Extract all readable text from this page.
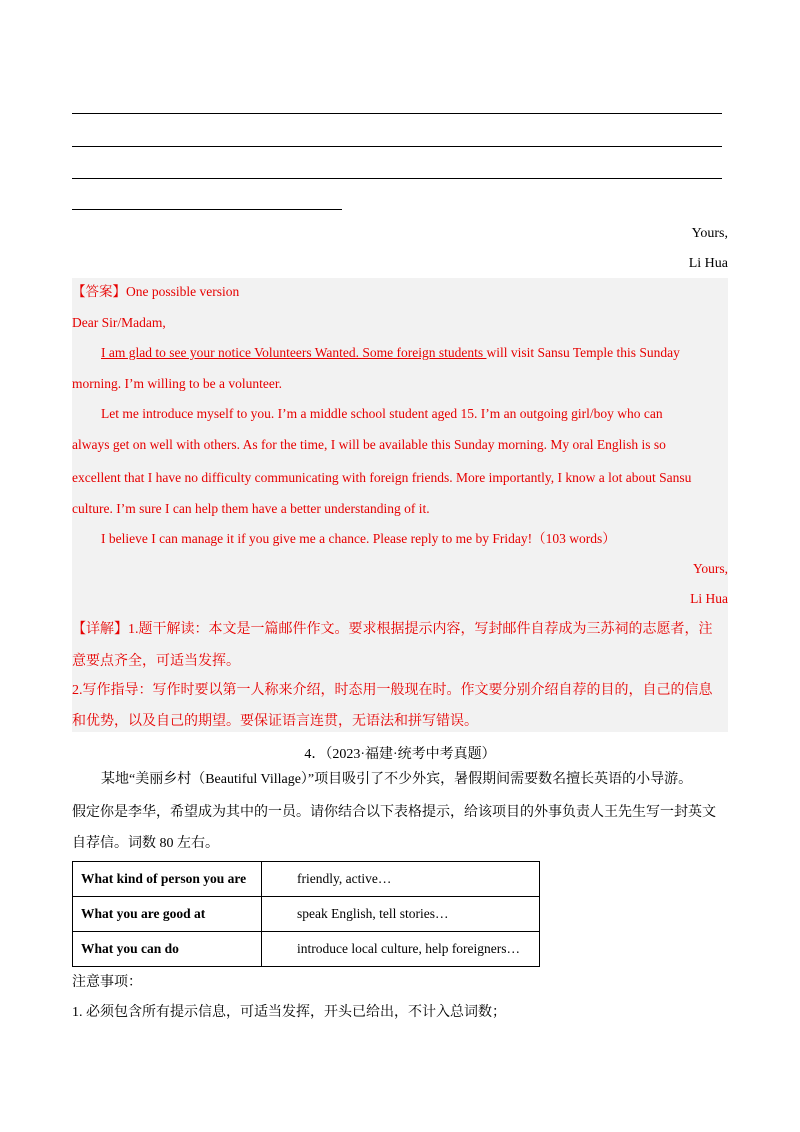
Yours,
Li Hua
【答案】One possible version
Dear Sir/Madam,
I am glad to see your notice Volunteers Wanted. Some foreign students will visit Sansu Temple this Sunday
morning. I’m willing to be a volunteer.
Let me introduce myself to you. I’m a middle school student aged 15. I’m an outgoing girl/boy who can
always get on well with others. As for the time, I will be available this Sunday morning. My oral English is so
excellent that I have no difficulty communicating with foreign friends. More importantly, I know a lot about Sansu
culture. I’m sure I can help them have a better understanding of it.
I believe I can manage it if you give me a chance. Please reply to me by Friday!（103 words）
Yours,
Li Hua
【详解】1.题干解读：本文是一篇邮件作文。要求根据提示内容，写封邮件自荐成为三苏祠的志愿者，注
意要点齐全，可适当发挥。
2.写作指导：写作时要以第一人称来介绍，时态用一般现在时。作文要分别介绍自荐的目的，自己的信息
和优势，以及自己的期望。要保证语言连贯，无语法和拼写错误。
4．（2023·福建·统考中考真题）
某地“美丽乡村（Beautiful Village）”项目吸引了不少外宾，暑假期间需要数名擅长英语的小导游。
假定你是李华，希望成为其中的一员。请你结合以下表格提示，给该项目的外事负责人王先生写一封英文
自荐信。词数 80 左右。
What kind of person you are	friendly, active…
What you are good at	speak English, tell stories…
What you can do	introduce local culture, help foreigners…
注意事项：
1. 必须包含所有提示信息，可适当发挥，开头已给出，不计入总词数；
